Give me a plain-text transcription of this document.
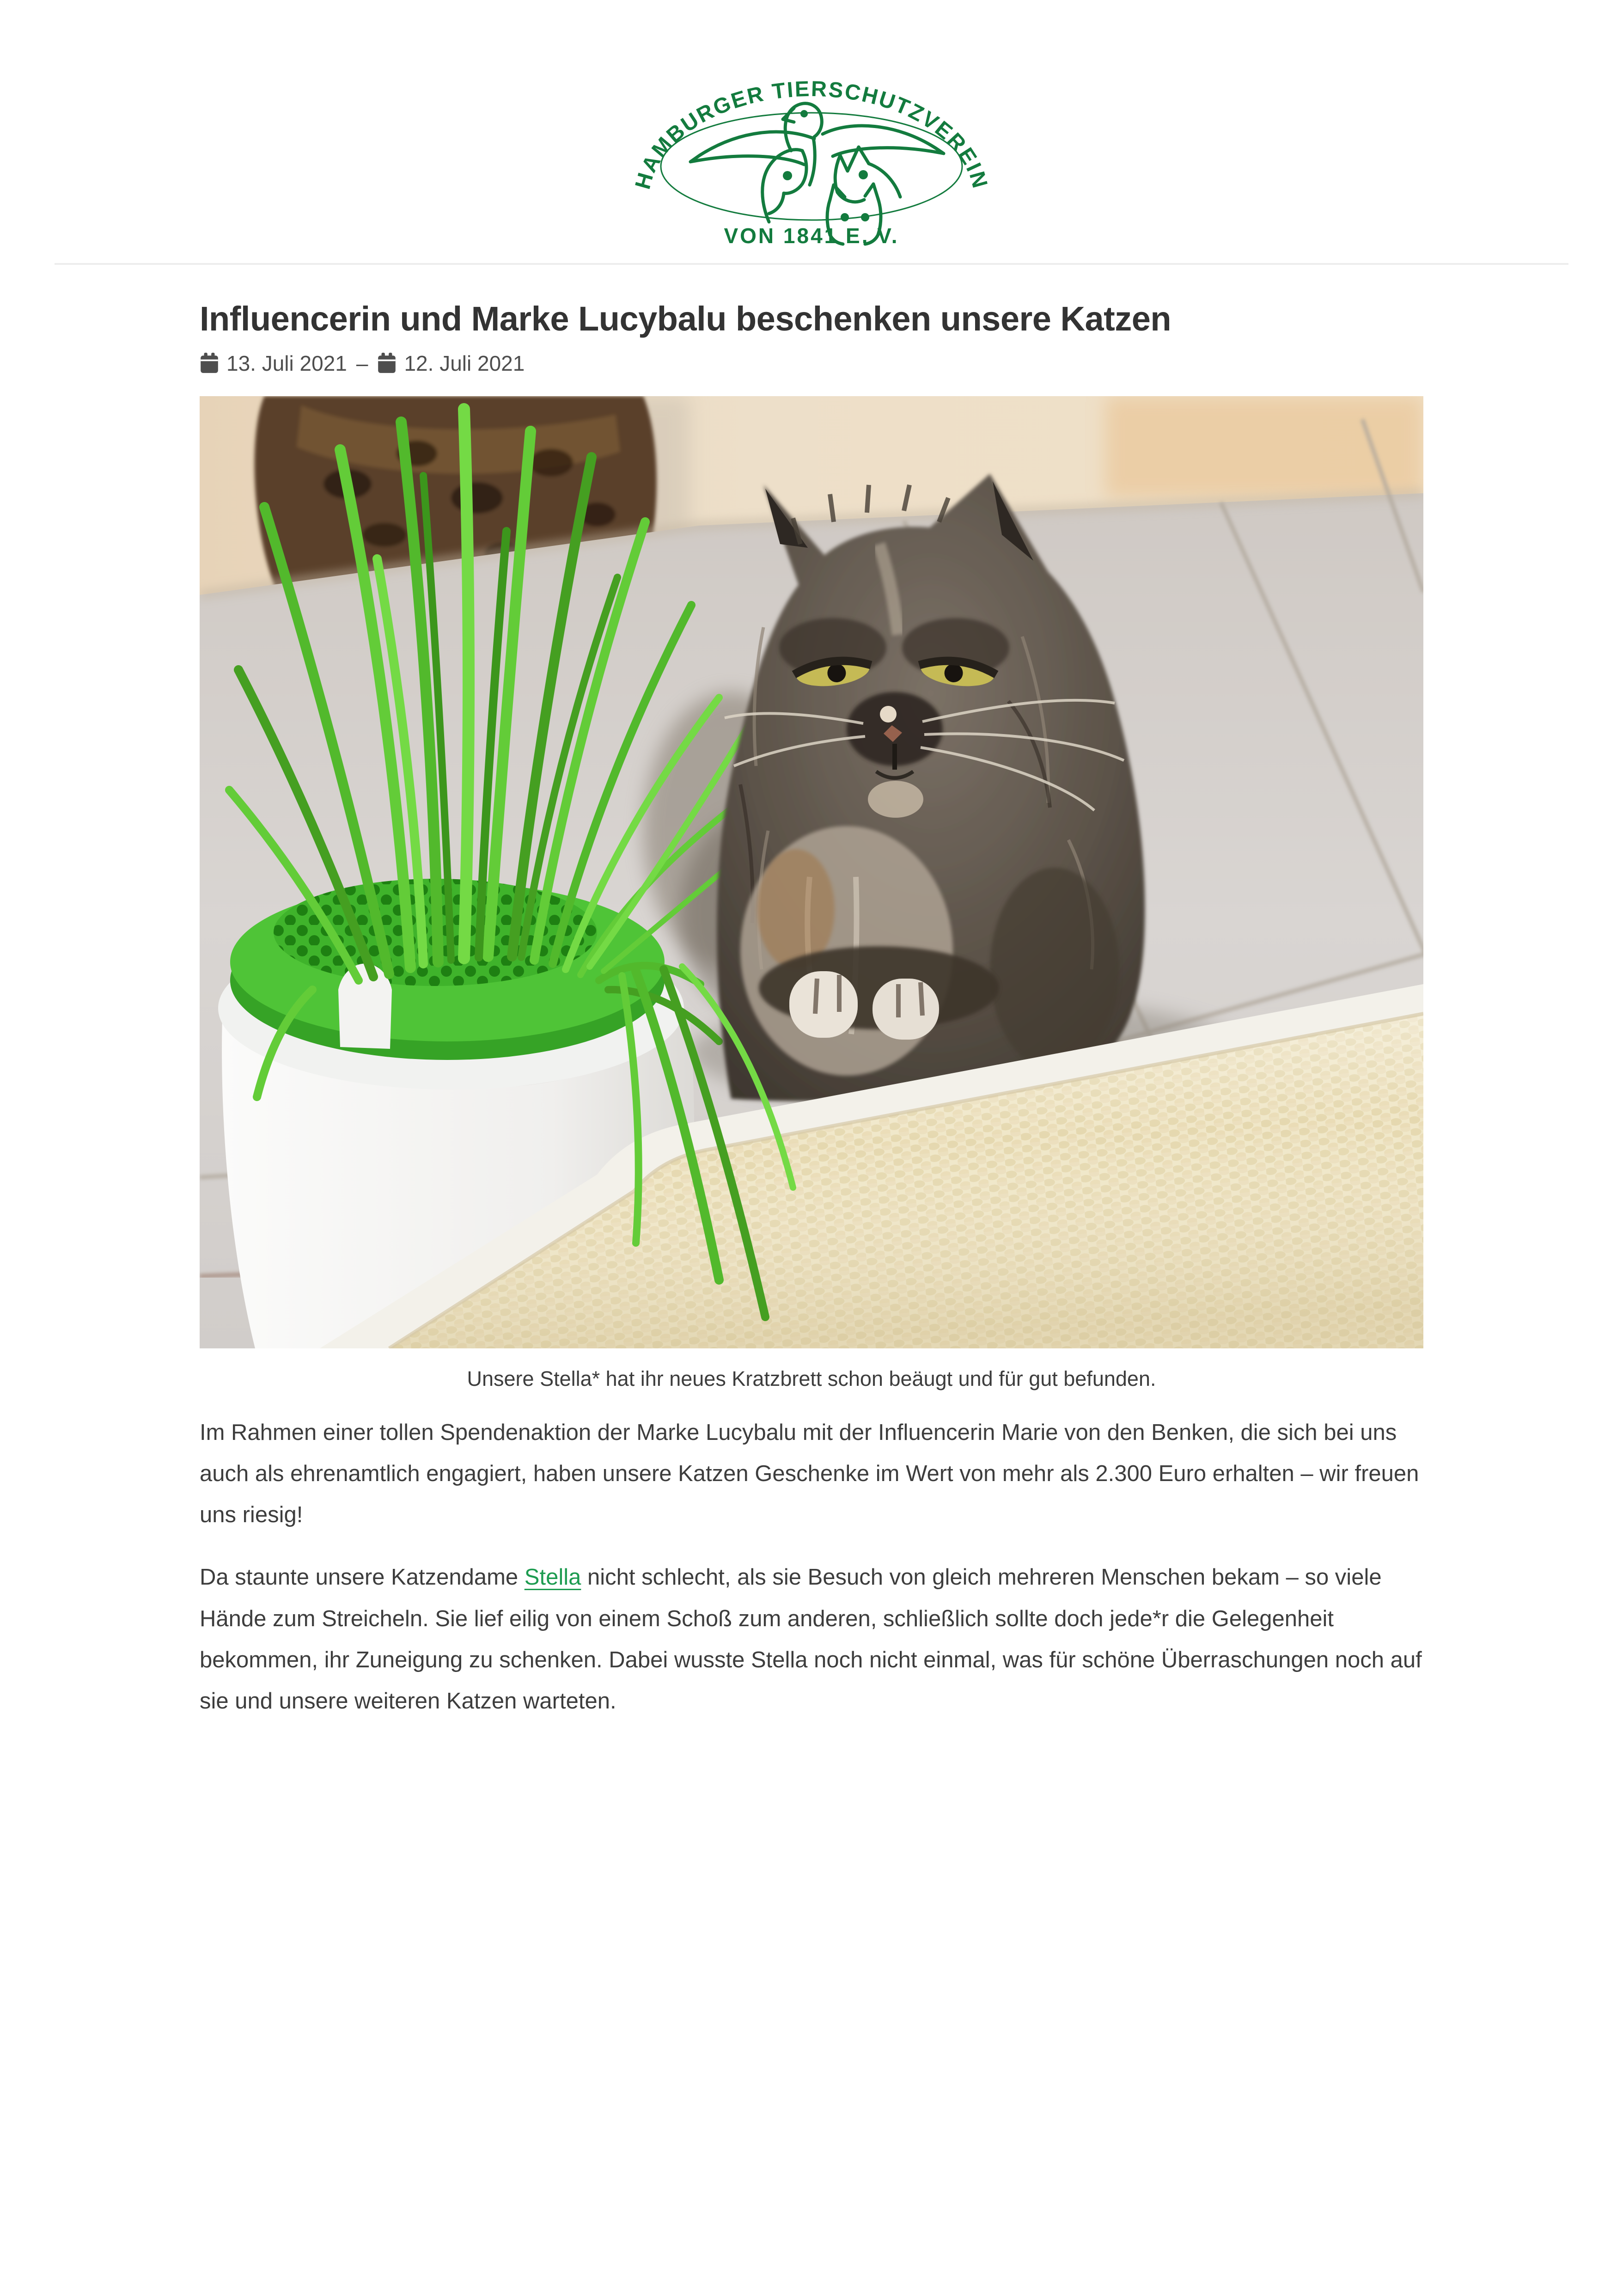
HAMBURGER TIERSCHUTZVEREIN
VON 1841 E. V.
Influencerin und Marke Lucybalu beschenken unsere Katzen
13. Juli 2021 – 12. Juli 2021
Unsere Stella* hat ihr neues Kratzbrett schon beäugt und für gut befunden.

Im Rahmen einer tollen Spendenaktion der Marke Lucybalu mit der Influencerin Marie von den Benken, die sich bei uns auch als ehrenamtlich engagiert, haben unsere Katzen Geschenke im Wert von mehr als 2.300 Euro erhalten – wir freuen uns riesig!

Da staunte unsere Katzendame Stella nicht schlecht, als sie Besuch von gleich mehreren Menschen bekam – so viele Hände zum Streicheln. Sie lief eilig von einem Schoß zum anderen, schließlich sollte doch jede*r die Gelegenheit bekommen, ihr Zuneigung zu schenken. Dabei wusste Stella noch nicht einmal, was für schöne Überraschungen noch auf sie und unsere weiteren Katzen warteten.
